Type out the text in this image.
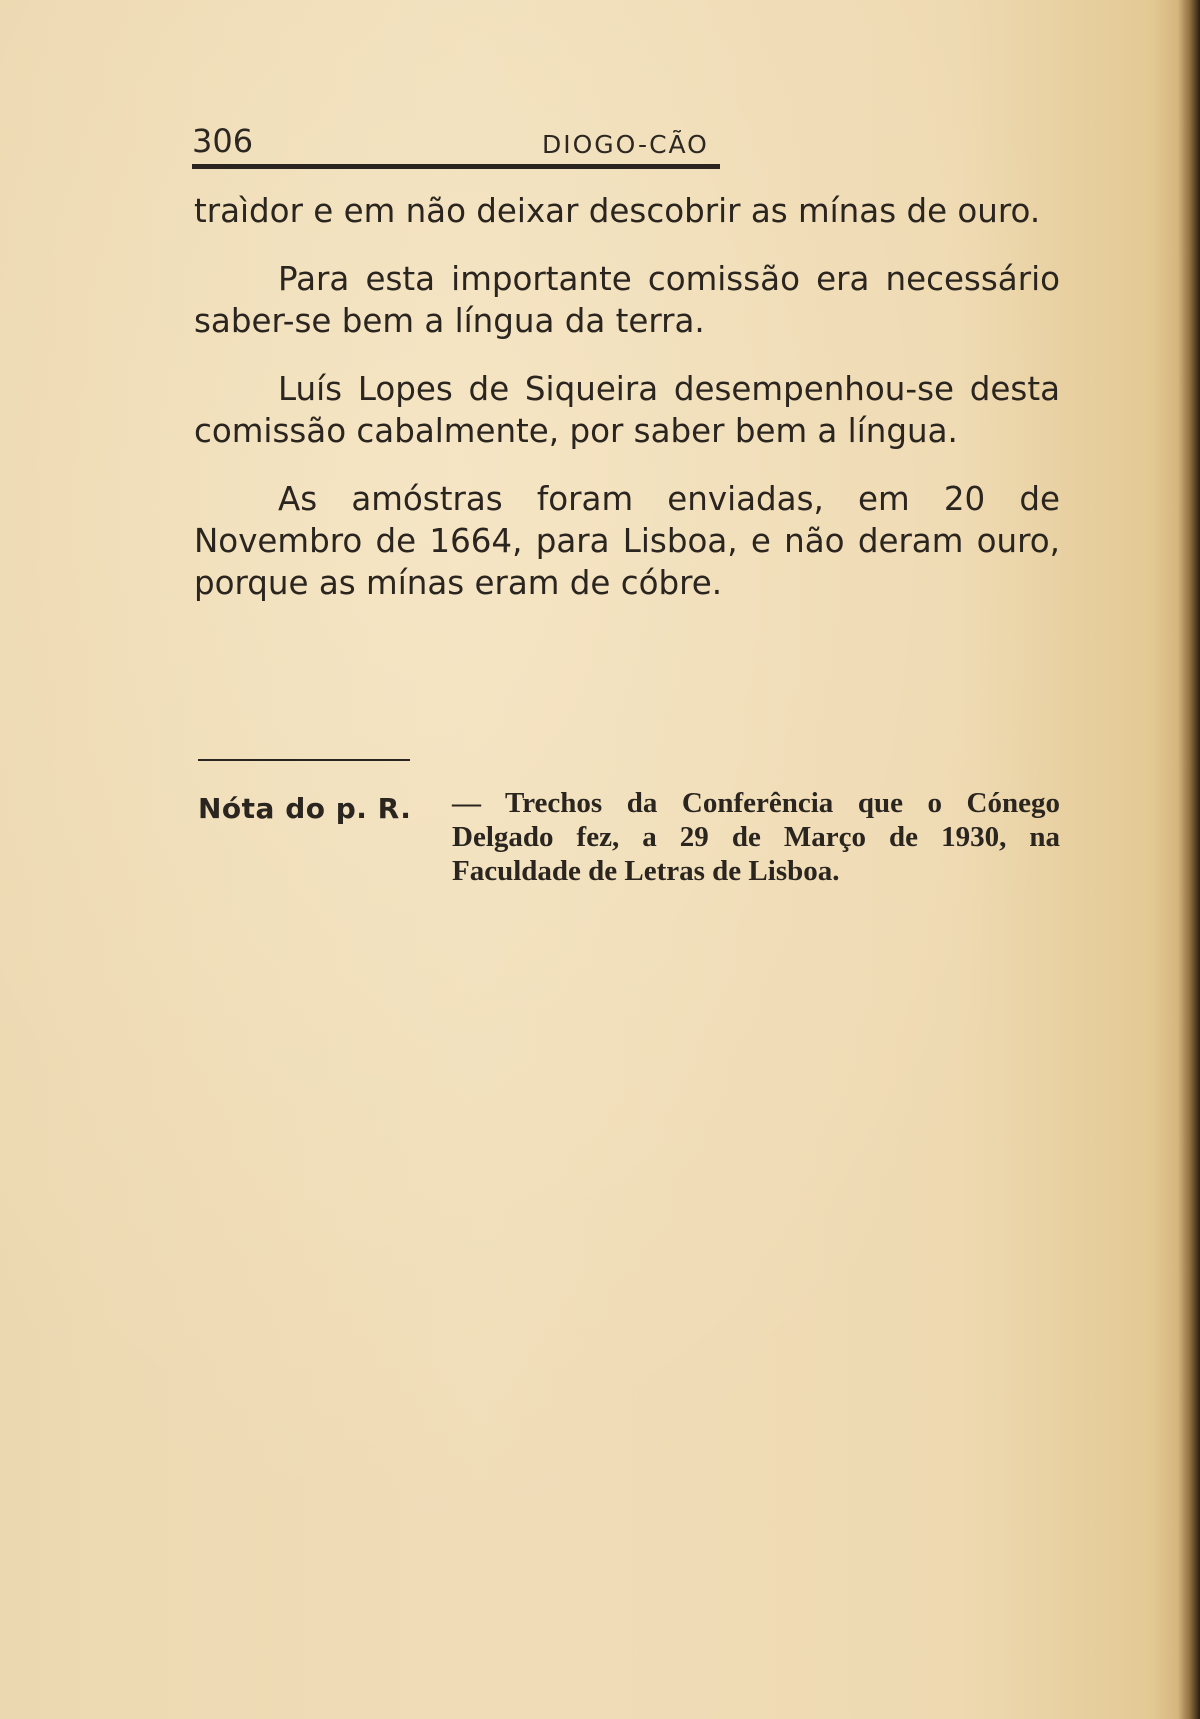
306	DIOGO-CÃO

traìdor e em não deixar descobrir as mínas de ouro.

Para esta importante comissão era necessário saber-se bem a língua da terra.

Luís Lopes de Siqueira desempenhou-se desta comissão cabalmente, por saber bem a língua.

As amóstras foram enviadas, em 20 de Novembro de 1664, para Lisboa, e não deram ouro, porque as mínas eram de cóbre.

Nóta do p. R. — Trechos da Conferência que o Cónego Delgado fez, a 29 de Março de 1930, na Faculdade de Letras de Lisboa.
